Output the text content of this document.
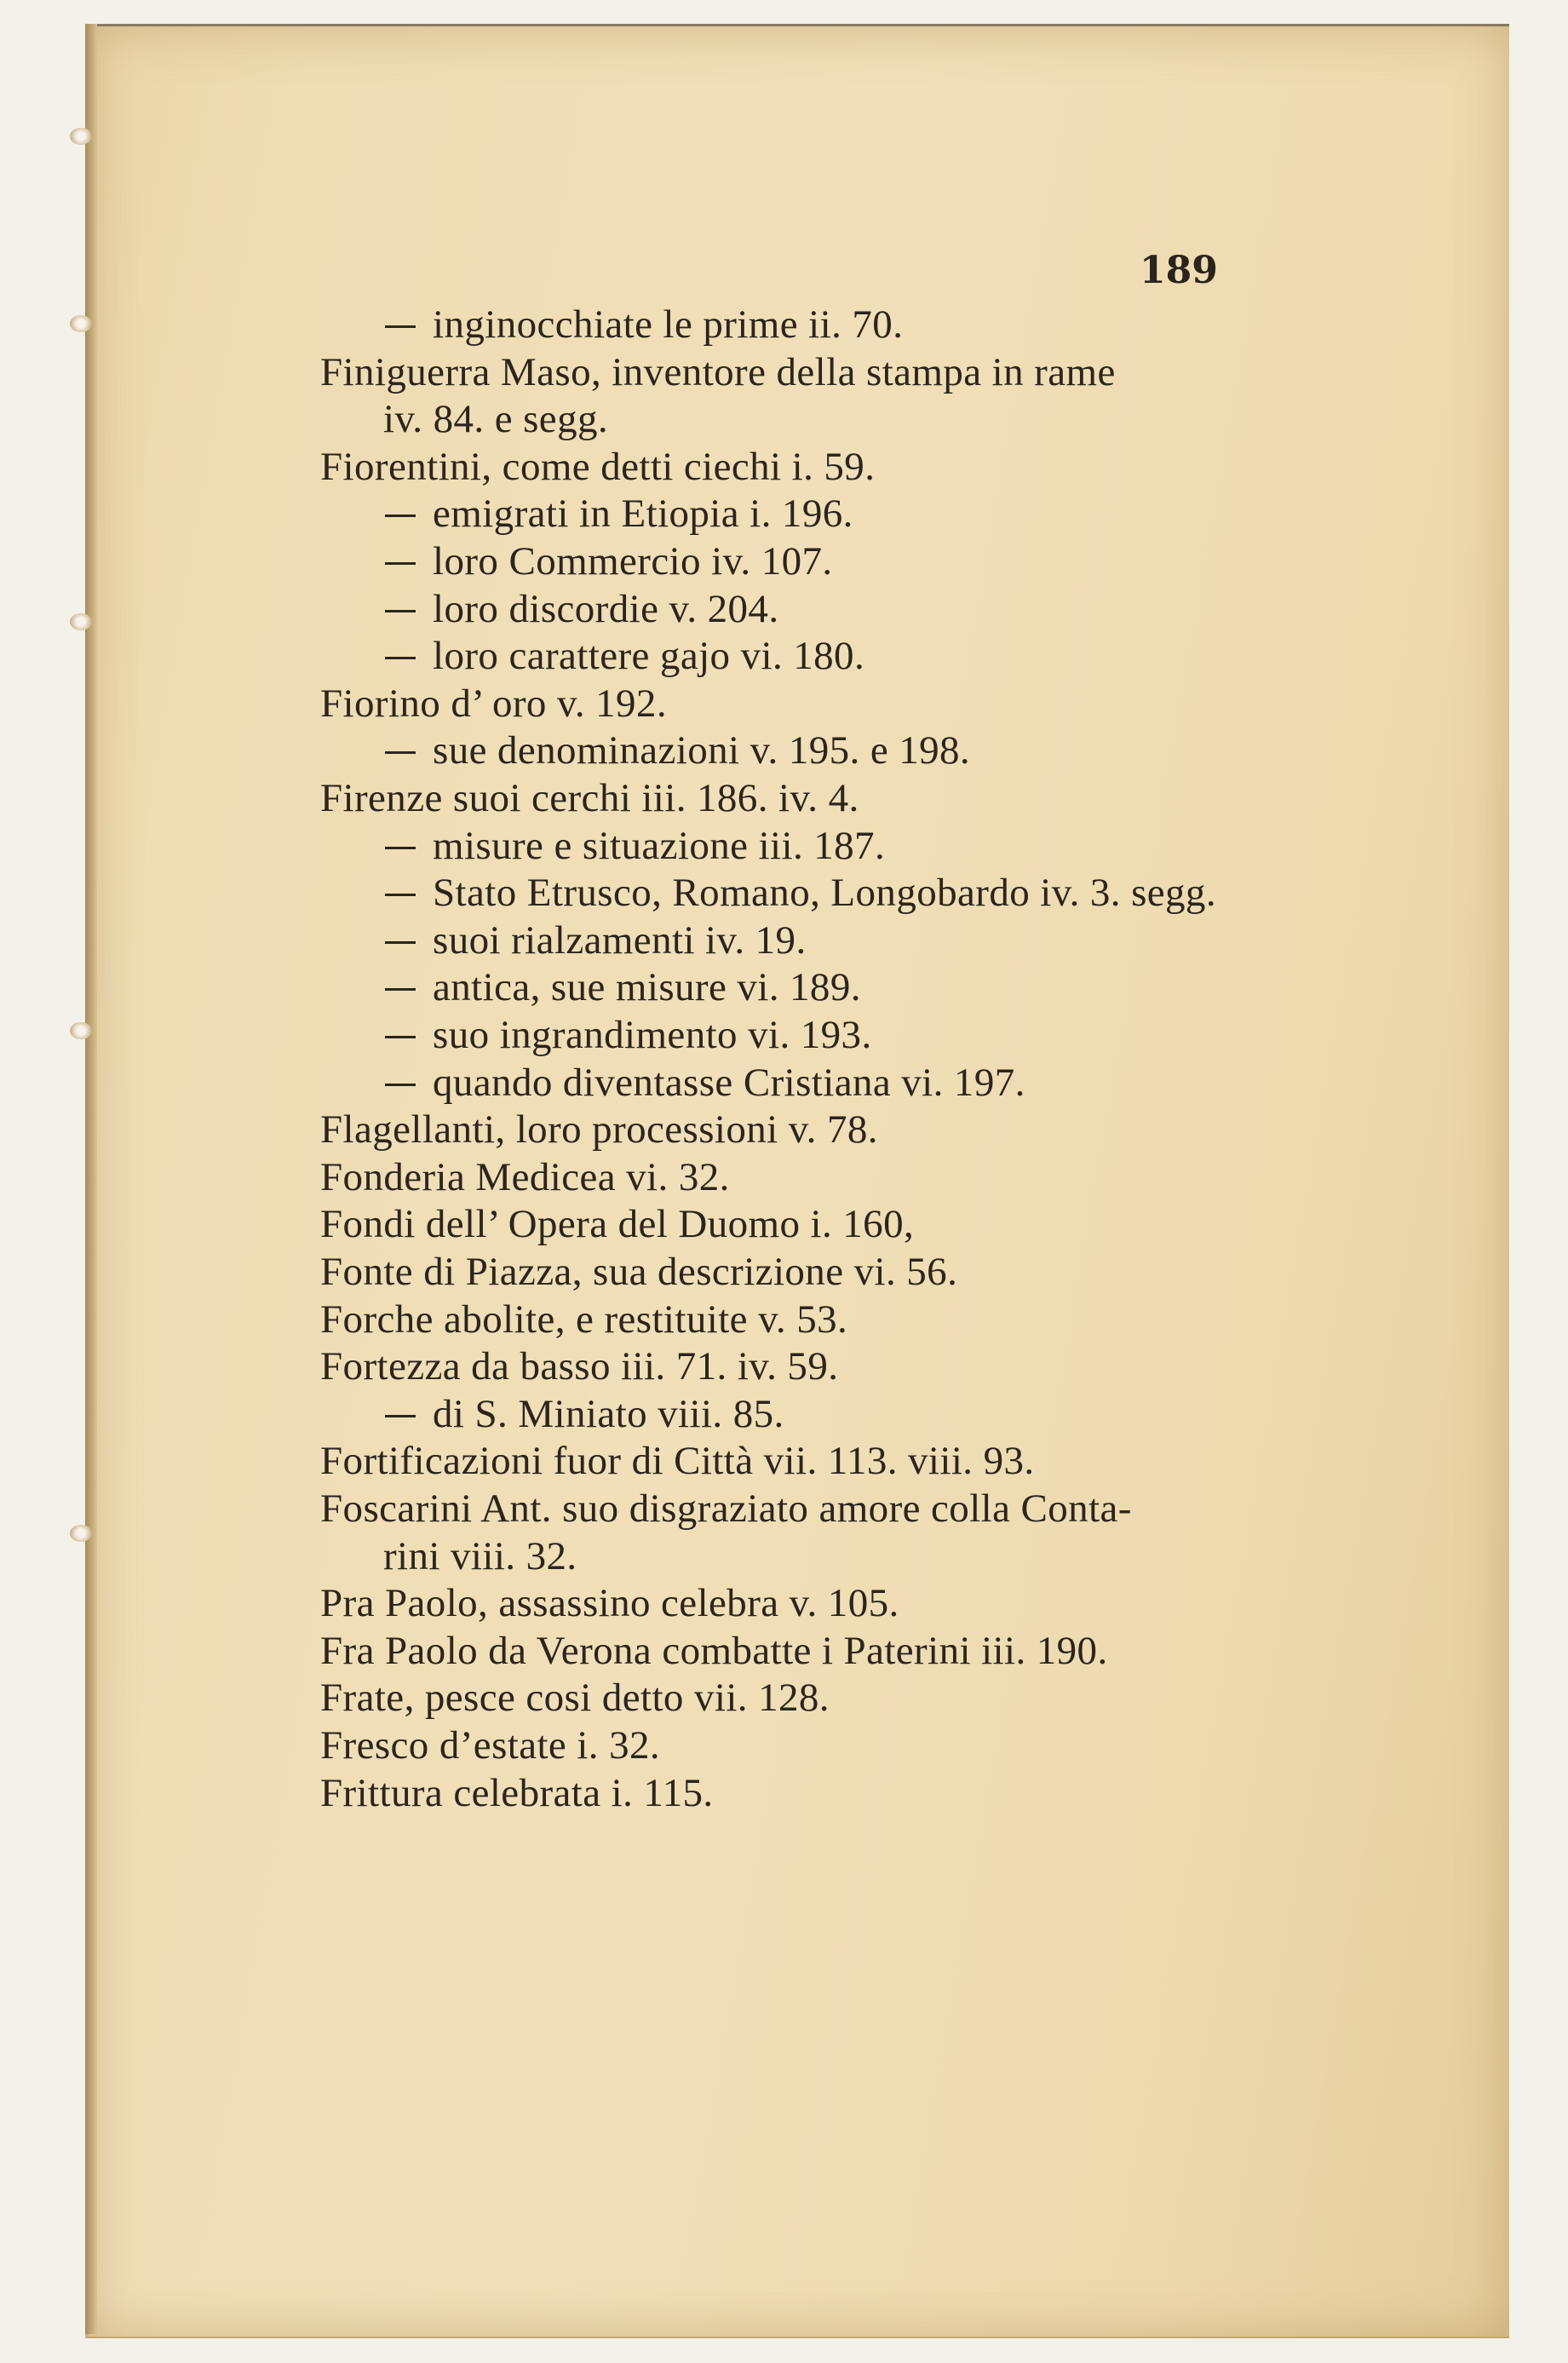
189
inginocchiate le prime ii. 70.
Finiguerra Maso, inventore della stampa in rame
iv. 84. e segg.
Fiorentini, come detti ciechi i. 59.
emigrati in Etiopia i. 196.
loro Commercio iv. 107.
loro discordie v. 204.
loro carattere gajo vi. 180.
Fiorino d’ oro v. 192.
sue denominazioni v. 195. e 198.
Firenze suoi cerchi iii. 186. iv. 4.
misure e situazione iii. 187.
Stato Etrusco, Romano, Longobardo iv. 3. segg.
suoi rialzamenti iv. 19.
antica, sue misure vi. 189.
suo ingrandimento vi. 193.
quando diventasse Cristiana vi. 197.
Flagellanti, loro processioni v. 78.
Fonderia Medicea vi. 32.
Fondi dell’ Opera del Duomo i. 160,
Fonte di Piazza, sua descrizione vi. 56.
Forche abolite, e restituite v. 53.
Fortezza da basso iii. 71. iv. 59.
di S. Miniato viii. 85.
Fortificazioni fuor di Città vii. 113. viii. 93.
Foscarini Ant. suo disgraziato amore colla Conta-
rini viii. 32.
Pra Paolo, assassino celebra v. 105.
Fra Paolo da Verona combatte i Paterini iii. 190.
Frate, pesce cosi detto vii. 128.
Fresco d’estate i. 32.
Frittura celebrata i. 115.
